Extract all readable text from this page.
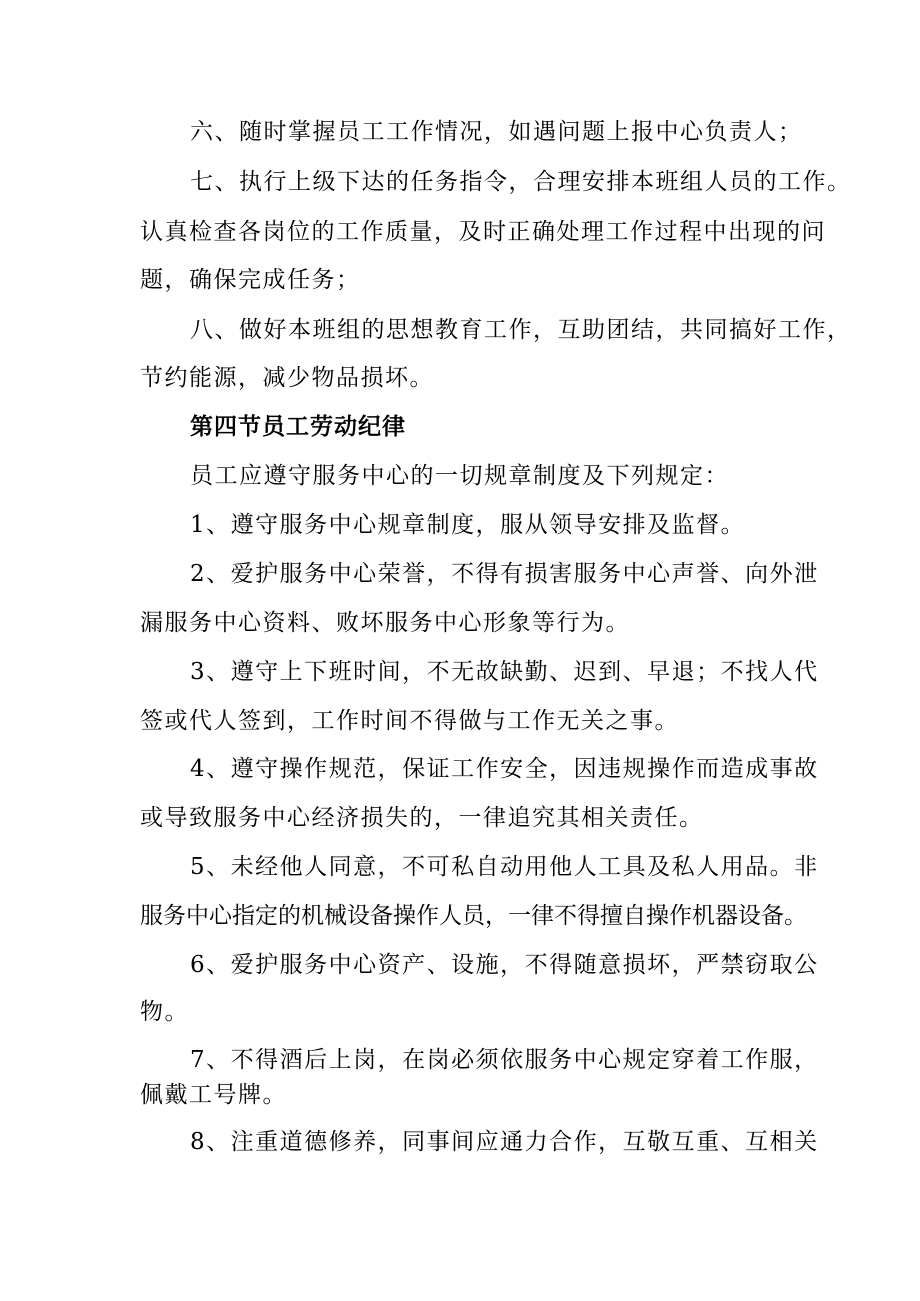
六、随时掌握员工工作情况，如遇问题上报中心负责人；
七、执行上级下达的任务指令，合理安排本班组人员的工作。
认真检查各岗位的工作质量，及时正确处理工作过程中出现的问
题，确保完成任务；
八、做好本班组的思想教育工作，互助团结，共同搞好工作，
节约能源，减少物品损坏。
第四节员工劳动纪律
员工应遵守服务中心的一切规章制度及下列规定：
1、遵守服务中心规章制度，服从领导安排及监督。
2、爱护服务中心荣誉，不得有损害服务中心声誉、向外泄
漏服务中心资料、败坏服务中心形象等行为。
3、遵守上下班时间，不无故缺勤、迟到、早退；不找人代
签或代人签到，工作时间不得做与工作无关之事。
4、遵守操作规范，保证工作安全，因违规操作而造成事故
或导致服务中心经济损失的，一律追究其相关责任。
5、未经他人同意，不可私自动用他人工具及私人用品。非
服务中心指定的机械设备操作人员，一律不得擅自操作机器设备。
6、爱护服务中心资产、设施，不得随意损坏，严禁窃取公
物。
7、不得酒后上岗，在岗必须依服务中心规定穿着工作服，
佩戴工号牌。
8、注重道德修养，同事间应通力合作，互敬互重、互相关
